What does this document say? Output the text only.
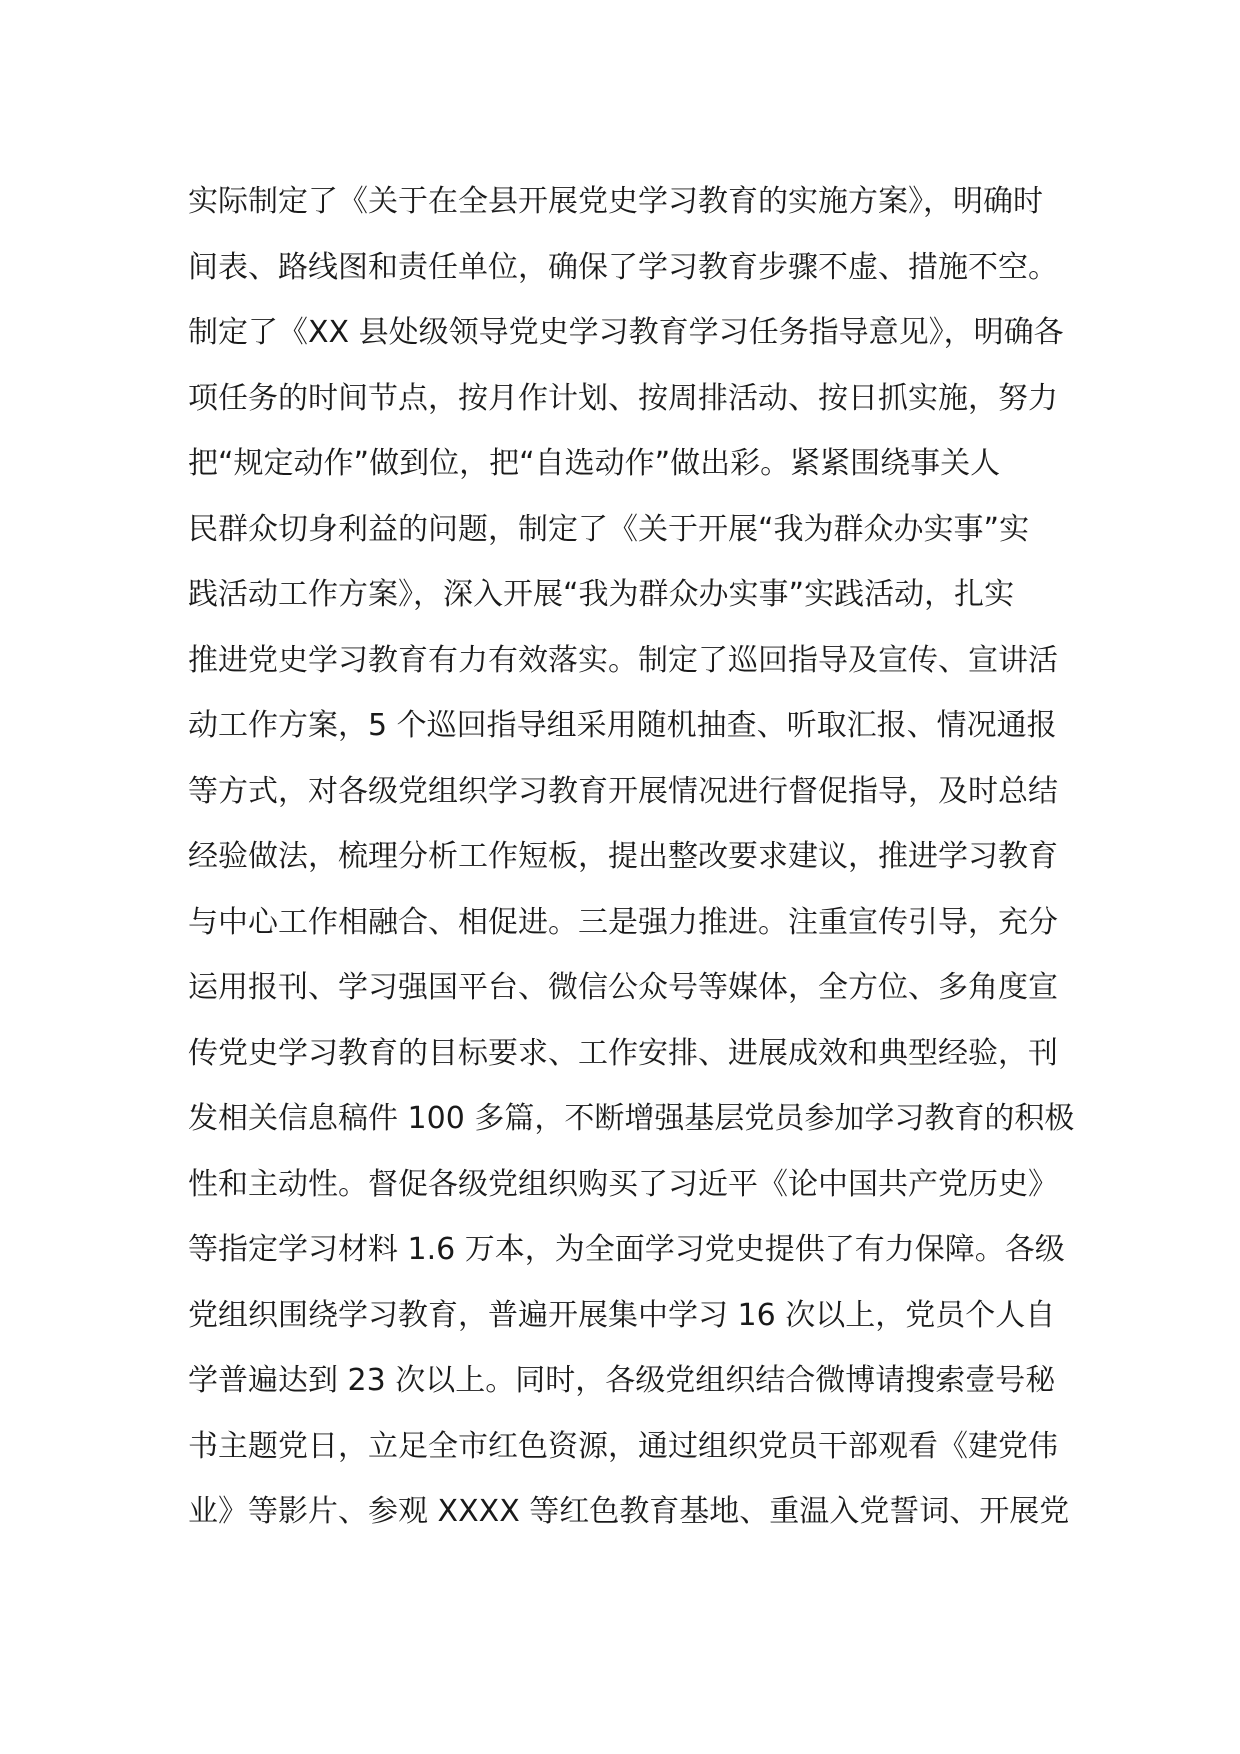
实际制定了《关于在全县开展党史学习教育的实施方案》，明确时
间表、路线图和责任单位，确保了学习教育步骤不虚、措施不空。
制定了《XX 县处级领导党史学习教育学习任务指导意见》，明确各
项任务的时间节点，按月作计划、按周排活动、按日抓实施，努力
把“规定动作”做到位，把“自选动作”做出彩。紧紧围绕事关人
民群众切身利益的问题，制定了《关于开展“我为群众办实事”实
践活动工作方案》，深入开展“我为群众办实事”实践活动，扎实
推进党史学习教育有力有效落实。制定了巡回指导及宣传、宣讲活
动工作方案，5 个巡回指导组采用随机抽查、听取汇报、情况通报
等方式，对各级党组织学习教育开展情况进行督促指导，及时总结
经验做法，梳理分析工作短板，提出整改要求建议，推进学习教育
与中心工作相融合、相促进。三是强力推进。注重宣传引导，充分
运用报刊、学习强国平台、微信公众号等媒体，全方位、多角度宣
传党史学习教育的目标要求、工作安排、进展成效和典型经验，刊
发相关信息稿件 100 多篇，不断增强基层党员参加学习教育的积极
性和主动性。督促各级党组织购买了习近平《论中国共产党历史》
等指定学习材料 1.6 万本，为全面学习党史提供了有力保障。各级
党组织围绕学习教育，普遍开展集中学习 16 次以上，党员个人自
学普遍达到 23 次以上。同时，各级党组织结合微博请搜索壹号秘
书主题党日，立足全市红色资源，通过组织党员干部观看《建党伟
业》等影片、参观 XXXX 等红色教育基地、重温入党誓词、开展党
